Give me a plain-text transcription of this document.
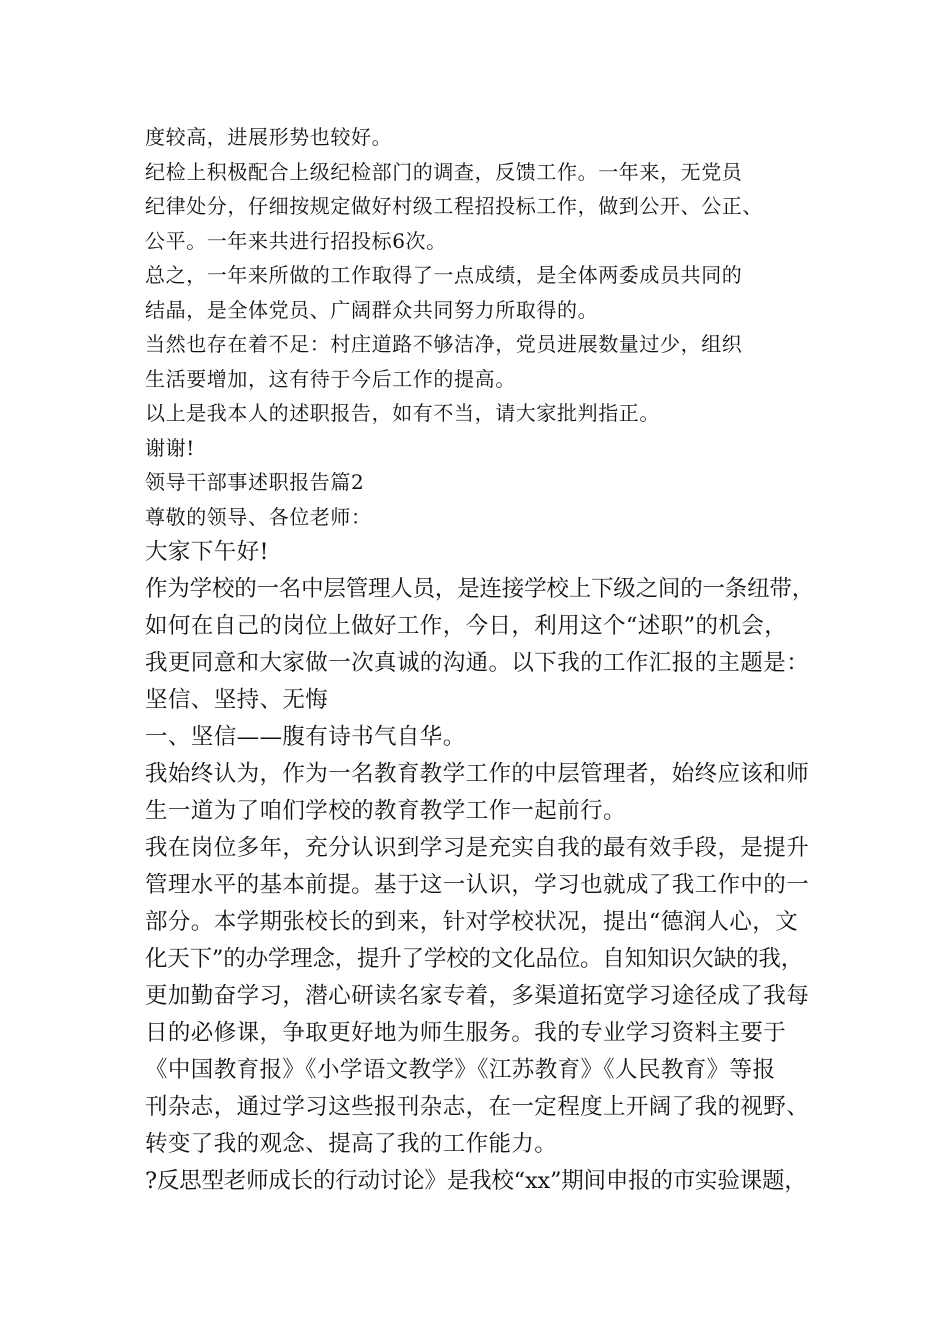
度较高，进展形势也较好。
纪检上积极配合上级纪检部门的调查，反馈工作。一年来，无党员
纪律处分，仔细按规定做好村级工程招投标工作，做到公开、公正、
公平。一年来共进行招投标6次。
总之，一年来所做的工作取得了一点成绩，是全体两委成员共同的
结晶，是全体党员、广阔群众共同努力所取得的。
当然也存在着不足：村庄道路不够洁净，党员进展数量过少，组织
生活要增加，这有待于今后工作的提高。
以上是我本人的述职报告，如有不当，请大家批判指正。
谢谢!
领导干部事述职报告篇2
尊敬的领导、各位老师：
大家下午好!
作为学校的一名中层管理人员，是连接学校上下级之间的一条纽带，
如何在自己的岗位上做好工作，今日，利用这个“述职”的机会，
我更同意和大家做一次真诚的沟通。以下我的工作汇报的主题是：
坚信、坚持、无悔
一、坚信——腹有诗书气自华。
我始终认为，作为一名教育教学工作的中层管理者，始终应该和师
生一道为了咱们学校的教育教学工作一起前行。
我在岗位多年，充分认识到学习是充实自我的最有效手段，是提升
管理水平的基本前提。基于这一认识，学习也就成了我工作中的一
部分。本学期张校长的到来，针对学校状况，提出“德润人心，文
化天下”的办学理念，提升了学校的文化品位。自知知识欠缺的我，
更加勤奋学习，潜心研读名家专着，多渠道拓宽学习途径成了我每
日的必修课，争取更好地为师生服务。我的专业学习资料主要于
《中国教育报》《小学语文教学》《江苏教育》《人民教育》等报
刊杂志，通过学习这些报刊杂志，在一定程度上开阔了我的视野、
转变了我的观念、提高了我的工作能力。
?反思型老师成长的行动讨论》是我校“xx”期间申报的市实验课题，
